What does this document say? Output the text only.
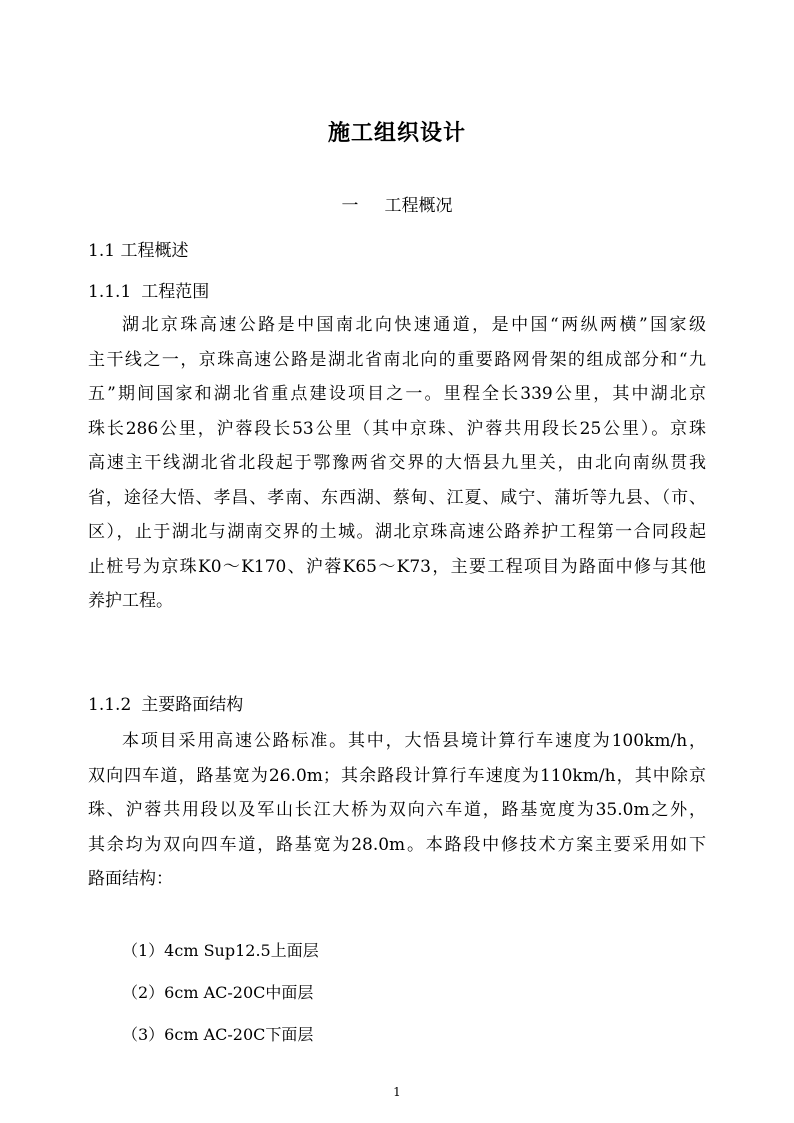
施工组织设计
一 工程概况
1.1 工程概述
1.1.1 工程范围
湖北京珠高速公路是中国南北向快速通道，是中国“两纵两横”国家级
主干线之一，京珠高速公路是湖北省南北向的重要路网骨架的组成部分和“九
五”期间国家和湖北省重点建设项目之一。里程全长339公里，其中湖北京
珠长286公里，沪蓉段长53公里（其中京珠、沪蓉共用段长25公里）。京珠
高速主干线湖北省北段起于鄂豫两省交界的大悟县九里关，由北向南纵贯我
省，途径大悟、孝昌、孝南、东西湖、蔡甸、江夏、咸宁、蒲圻等九县、（市、
区），止于湖北与湖南交界的土城。湖北京珠高速公路养护工程第一合同段起
止桩号为京珠K0～K170、沪蓉K65～K73，主要工程项目为路面中修与其他
养护工程。
1.1.2 主要路面结构
本项目采用高速公路标准。其中，大悟县境计算行车速度为100km/h，
双向四车道，路基宽为26.0m；其余路段计算行车速度为110km/h，其中除京
珠、沪蓉共用段以及军山长江大桥为双向六车道，路基宽度为35.0m之外，
其余均为双向四车道，路基宽为28.0m。本路段中修技术方案主要采用如下
路面结构：
（1）4cm Sup12.5上面层
（2）6cm AC-20C中面层
（3）6cm AC-20C下面层
1
